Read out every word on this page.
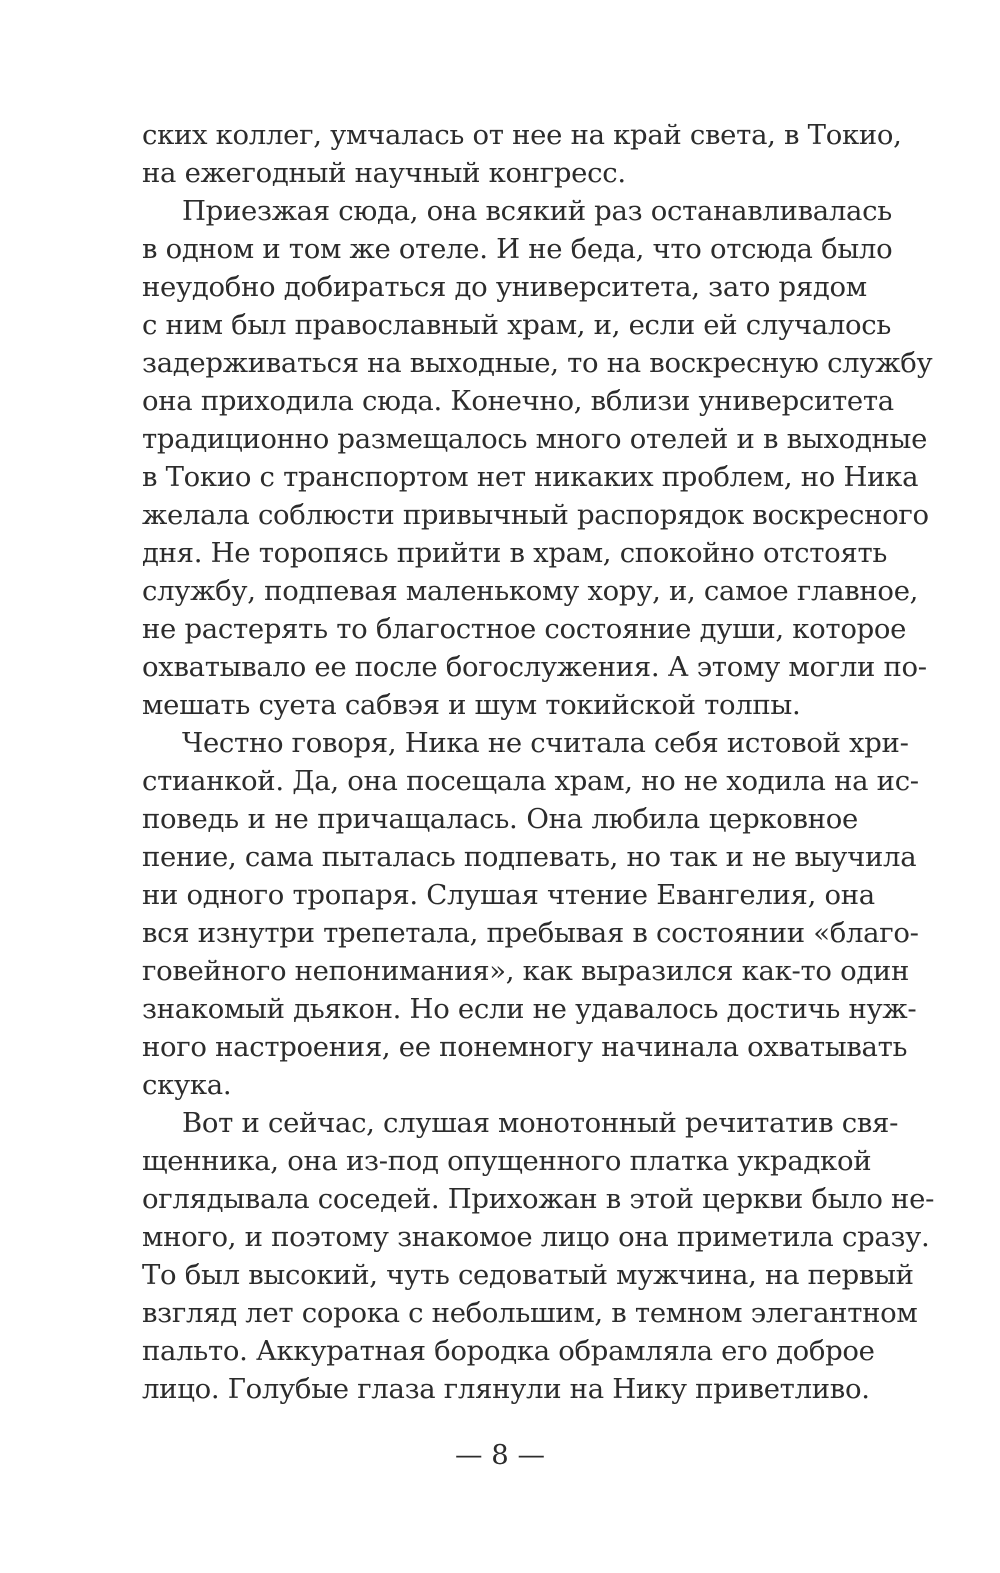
ских коллег, умчалась от нее на край света, в Токио,
на ежегодный научный конгресс.
Приезжая сюда, она всякий раз останавливалась
в одном и том же отеле. И не беда, что отсюда было
неудобно добираться до университета, зато рядом
с ним был православный храм, и, если ей случалось
задерживаться на выходные, то на воскресную службу
она приходила сюда. Конечно, вблизи университета
традиционно размещалось много отелей и в выходные
в Токио с транспортом нет никаких проблем, но Ника
желала соблюсти привычный распорядок воскресного
дня. Не торопясь прийти в храм, спокойно отстоять
службу, подпевая маленькому хору, и, самое главное,
не растерять то благостное состояние души, которое
охватывало ее после богослужения. А этому могли по-
мешать суета сабвэя и шум токийской толпы.
Честно говоря, Ника не считала себя истовой хри-
стианкой. Да, она посещала храм, но не ходила на ис-
поведь и не причащалась. Она любила церковное
пение, сама пыталась подпевать, но так и не выучила
ни одного тропаря. Слушая чтение Евангелия, она
вся изнутри трепетала, пребывая в состоянии «благо-
говейного непонимания», как выразился как-то один
знакомый дьякон. Но если не удавалось достичь нуж-
ного настроения, ее понемногу начинала охватывать
скука.
Вот и сейчас, слушая монотонный речитатив свя-
щенника, она из-под опущенного платка украдкой
оглядывала соседей. Прихожан в этой церкви было не-
много, и поэтому знакомое лицо она приметила сразу.
То был высокий, чуть седоватый мужчина, на первый
взгляд лет сорока с небольшим, в темном элегантном
пальто. Аккуратная бородка обрамляла его доброе
лицо. Голубые глаза глянули на Нику приветливо.
— 8 —
